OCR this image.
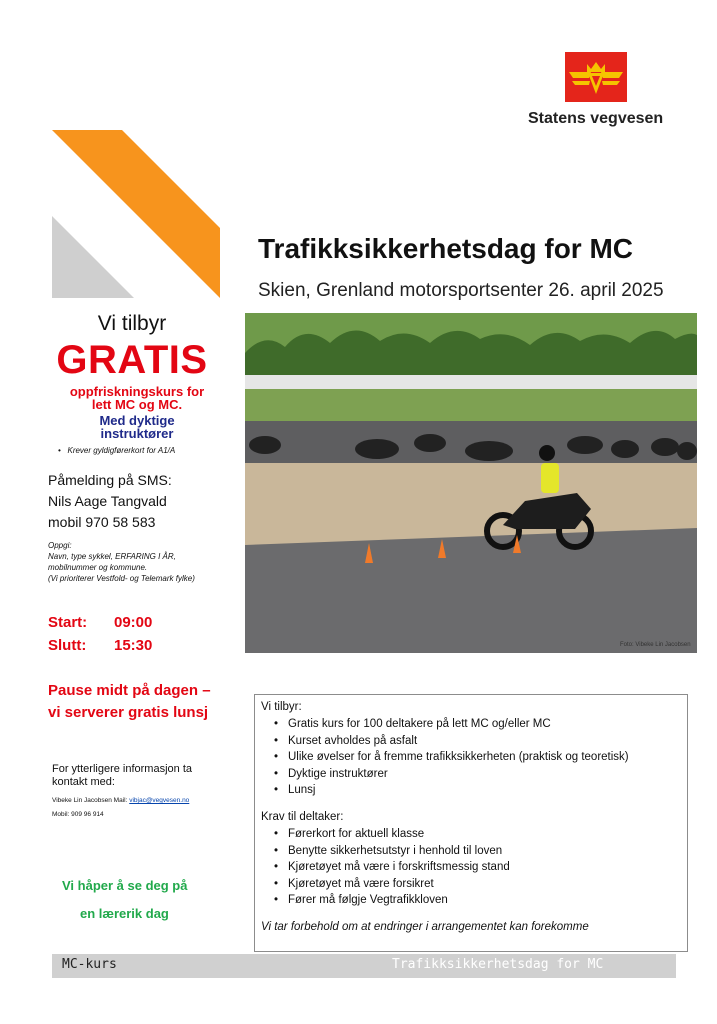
Statens vegvesen
Trafikksikkerhetsdag for MC
Skien, Grenland motorsportsenter 26. april 2025
Foto: Vibeke Lin Jacobsen
Vi tilbyr
GRATIS
oppfriskningskurs for
lett MC og MC.
Med dyktige
instruktører
• Krever gyldigførerkort for A1/A
Påmelding på SMS:
Nils Aage Tangvald
mobil 970 58 583
Oppgi:
Navn, type sykkel, ERFARING I ÅR,
mobilnummer og kommune.
(Vi prioriterer Vestfold- og Telemark fylke)
Start: 09:00
Slutt: 15:30
Pause midt på dagen –
vi serverer gratis lunsj
For ytterligere informasjon ta
kontakt med:
Vibeke Lin Jacobsen Mail: vibjac@vegvesen.no
Mobil: 909 96 914
Vi håper å se deg på
en lærerik dag
Vi tilbyr:
• Gratis kurs for 100 deltakere på lett MC og/eller MC
• Kurset avholdes på asfalt
• Ulike øvelser for å fremme trafikksikkerheten (praktisk og teoretisk)
• Dyktige instruktører
• Lunsj
Krav til deltaker:
• Førerkort for aktuell klasse
• Benytte sikkerhetsutstyr i henhold til loven
• Kjøretøyet må være i forskriftsmessig stand
• Kjøretøyet må være forsikret
• Fører må følgje Vegtrafikkloven
Vi tar forbehold om at endringer i arrangementet kan forekomme
MC-kurs	Trafikksikkerhetsdag for MC
